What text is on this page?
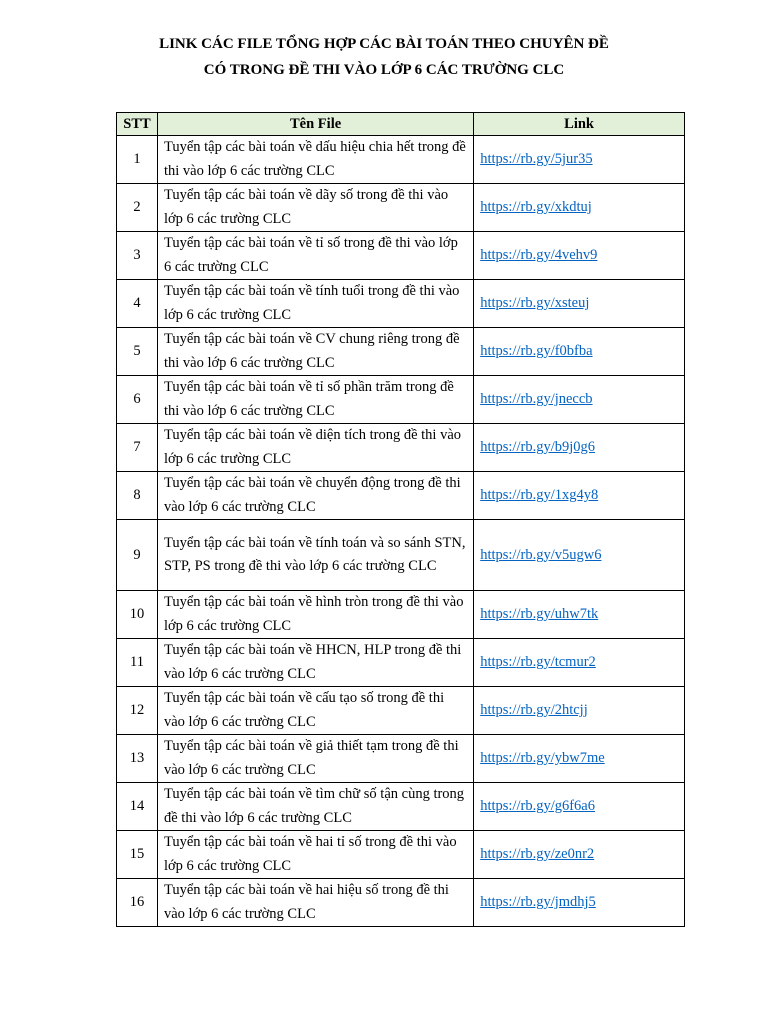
LINK CÁC FILE TỔNG HỢP CÁC BÀI TOÁN THEO CHUYÊN ĐỀ
CÓ TRONG ĐỀ THI VÀO LỚP 6 CÁC TRƯỜNG CLC
STT	Tên File	Link
1	Tuyển tập các bài toán về dấu hiệu chia hết trong đề thi vào lớp 6 các trường CLC	https://rb.gy/5jur35
2	Tuyển tập các bài toán về dãy số trong đề thi vào lớp 6 các trường CLC	https://rb.gy/xkdtuj
3	Tuyển tập các bài toán về tỉ số trong đề thi vào lớp 6 các trường CLC	https://rb.gy/4vehv9
4	Tuyển tập các bài toán về tính tuổi trong đề thi vào lớp 6 các trường CLC	https://rb.gy/xsteuj
5	Tuyển tập các bài toán về CV chung riêng trong đề thi vào lớp 6 các trường CLC	https://rb.gy/f0bfba
6	Tuyển tập các bài toán về tỉ số phần trăm trong đề thi vào lớp 6 các trường CLC	https://rb.gy/jneccb
7	Tuyển tập các bài toán về diện tích trong đề thi vào lớp 6 các trường CLC	https://rb.gy/b9j0g6
8	Tuyển tập các bài toán về chuyển động trong đề thi vào lớp 6 các trường CLC	https://rb.gy/1xg4y8
9	Tuyển tập các bài toán về tính toán và so sánh STN, STP, PS trong đề thi vào lớp 6 các trường CLC	https://rb.gy/v5ugw6
10	Tuyển tập các bài toán về hình tròn trong đề thi vào lớp 6 các trường CLC	https://rb.gy/uhw7tk
11	Tuyển tập các bài toán về HHCN, HLP trong đề thi vào lớp 6 các trường CLC	https://rb.gy/tcmur2
12	Tuyển tập các bài toán về cấu tạo số trong đề thi vào lớp 6 các trường CLC	https://rb.gy/2htcjj
13	Tuyển tập các bài toán về giả thiết tạm trong đề thi vào lớp 6 các trường CLC	https://rb.gy/ybw7me
14	Tuyển tập các bài toán về tìm chữ số tận cùng trong đề thi vào lớp 6 các trường CLC	https://rb.gy/g6f6a6
15	Tuyển tập các bài toán về hai tỉ số trong đề thi vào lớp 6 các trường CLC	https://rb.gy/ze0nr2
16	Tuyển tập các bài toán về hai hiệu số trong đề thi vào lớp 6 các trường CLC	https://rb.gy/jmdhj5
